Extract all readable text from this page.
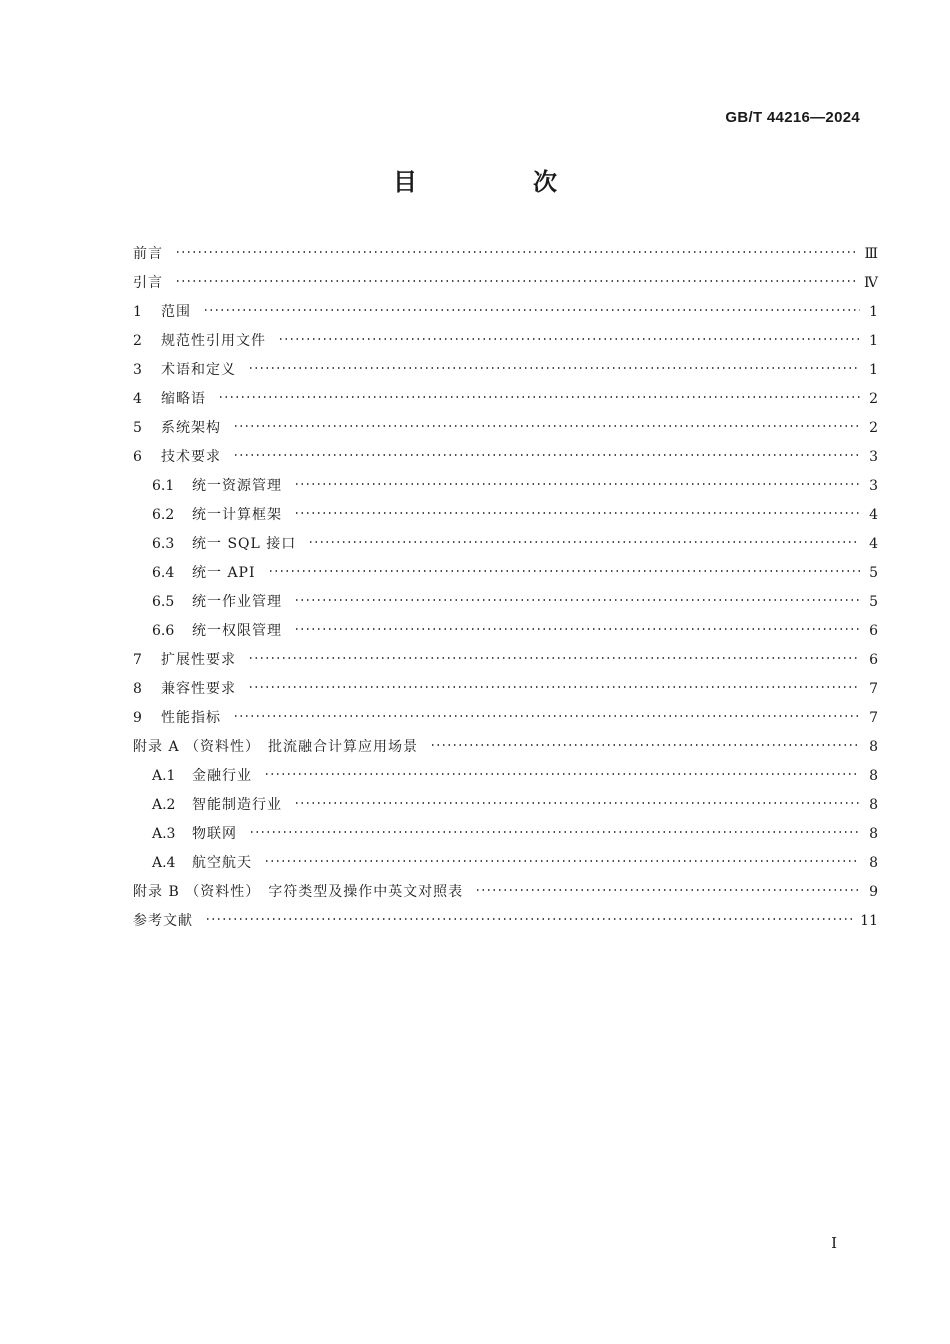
GB/T 44216—2024
目　次
前言	Ⅲ
引言	Ⅳ
1	范围	1
2	规范性引用文件	1
3	术语和定义	1
4	缩略语	2
5	系统架构	2
6	技术要求	3
6.1	统一资源管理	3
6.2	统一计算框架	4
6.3	统一 SQL 接口	4
6.4	统一 API	5
6.5	统一作业管理	5
6.6	统一权限管理	6
7	扩展性要求	6
8	兼容性要求	7
9	性能指标	7
附录 A （资料性）　批流融合计算应用场景	8
A.1	金融行业	8
A.2	智能制造行业	8
A.3	物联网	8
A.4	航空航天	8
附录 B （资料性）　字符类型及操作中英文对照表	9
参考文献	11
Ⅰ
